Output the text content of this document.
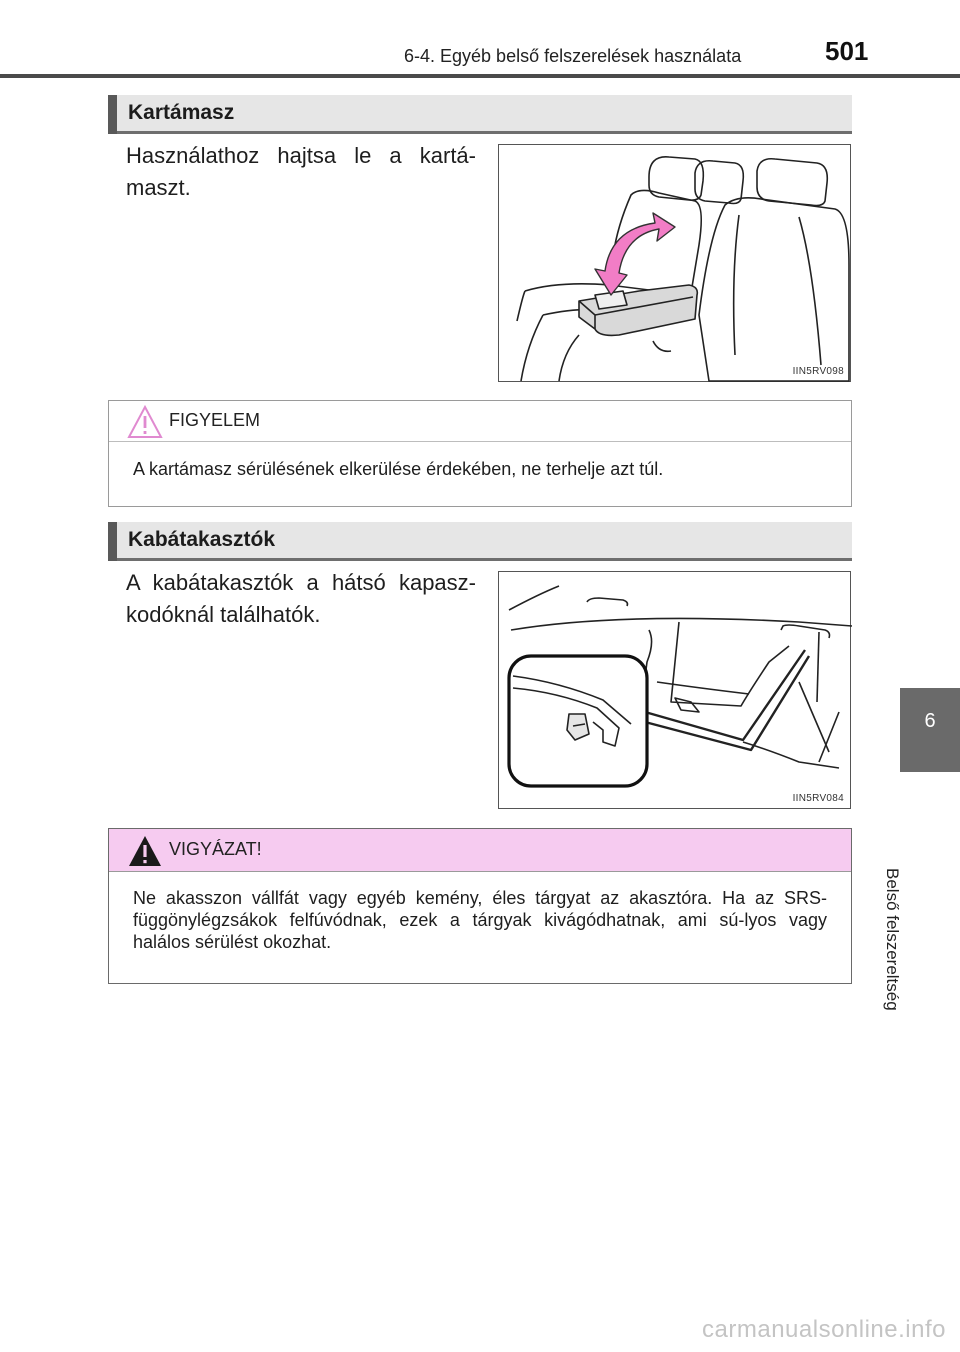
6-4. Egyéb belső felszerelések használata	501
6
Belső felszereltség
Kartámasz
Használathoz hajtsa le a kartá-maszt.
IIN5RV098
FIGYELEM
A kartámasz sérülésének elkerülése érdekében, ne terhelje azt túl.
Kabátakasztók
A kabátakasztók a hátsó kapasz-kodóknál találhatók.
IIN5RV084
VIGYÁZAT!
Ne akasszon vállfát vagy egyéb kemény, éles tárgyat az akasztóra. Ha az SRS-függönylégzsákok felfúvódnak, ezek a tárgyak kivágódhatnak, ami sú-lyos vagy halálos sérülést okozhat.
carmanualsonline.info
